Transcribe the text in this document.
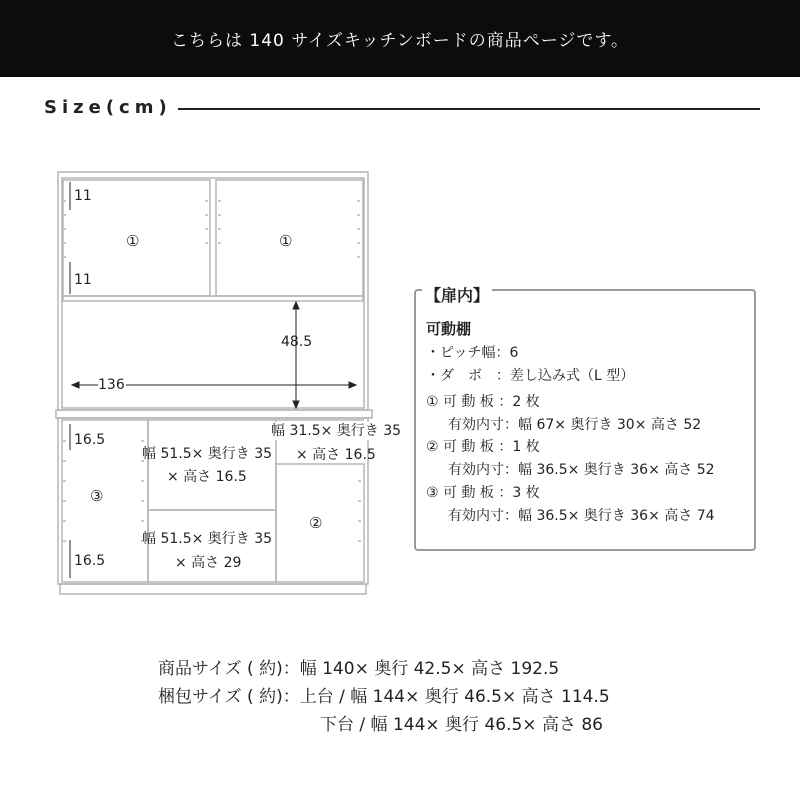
こちらは 140 サイズキッチンボードの商品ページです。
Size(cm)
11
11
①	①
48.5
136
16.5
16.5
③
②
幅 51.5× 奥行き 35
× 高さ 16.5
幅 51.5× 奥行き 35
× 高さ 29
幅 31.5× 奥行き 35
× 高さ 16.5
【扉内】
可動棚
・ピッチ幅：6
・ダ　ボ　：差し込み式（L 型）
① 可 動 板 ：2 枚
有効内寸：幅 67× 奥行き 30× 高さ 52
② 可 動 板 ：1 枚
有効内寸：幅 36.5× 奥行き 36× 高さ 52
③ 可 動 板 ：3 枚
有効内寸：幅 36.5× 奥行き 36× 高さ 74
商品サイズ ( 約)：幅 140× 奥行 42.5× 高さ 192.5
梱包サイズ ( 約)：上台 / 幅 144× 奥行 46.5× 高さ 114.5
下台 / 幅 144× 奥行 46.5× 高さ 86
